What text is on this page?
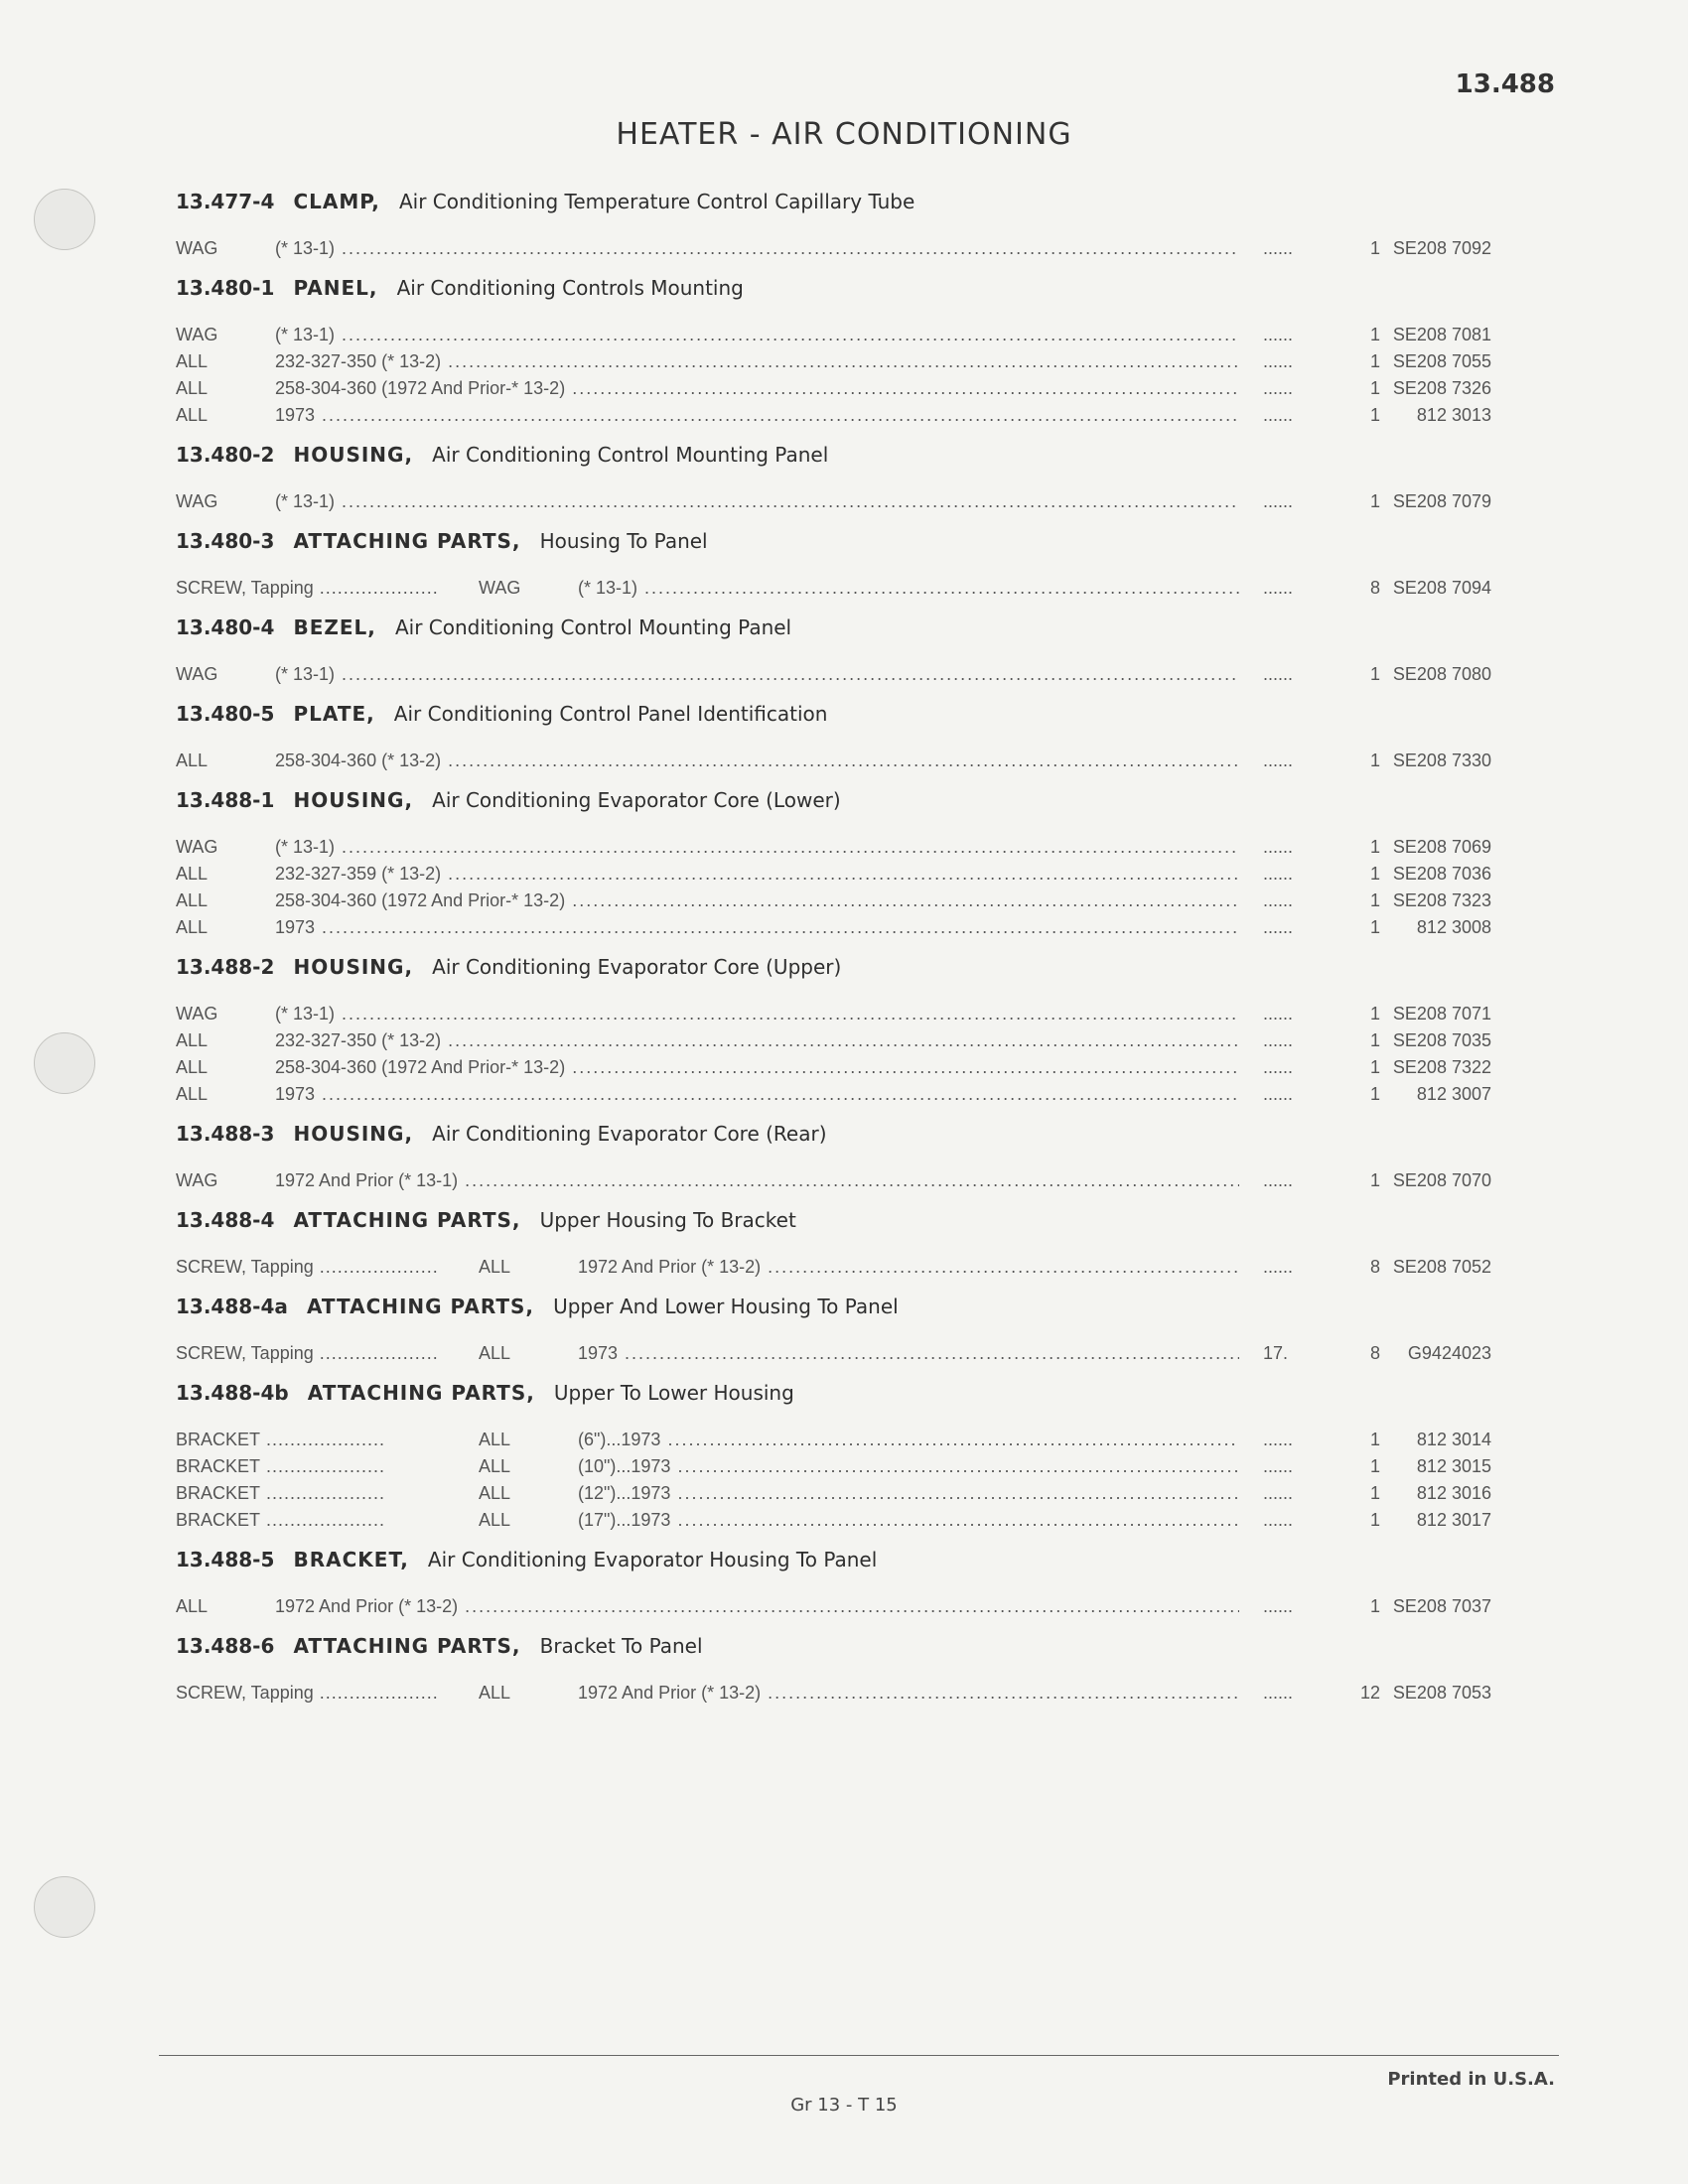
13.488
HEATER - AIR CONDITIONING
13.477-4 CLAMP, Air Conditioning Temperature Control Capillary Tube
WAG	(* 13-1) .....	......	1 SE208 7092
13.480-1 PANEL, Air Conditioning Controls Mounting
WAG	(* 13-1) .....	......	1 SE208 7081
ALL	232-327-350 (* 13-2) .....	......	1 SE208 7055
ALL	258-304-360 (1972 And Prior-* 13-2) .....	......	1 SE208 7326
ALL	1973 .....	......	1	812 3013
13.480-2 HOUSING, Air Conditioning Control Mounting Panel
WAG	(* 13-1) .....	......	1 SE208 7079
13.480-3 ATTACHING PARTS, Housing To Panel
SCREW, Tapping .....	WAG	(* 13-1) .....	......	8 SE208 7094
13.480-4 BEZEL, Air Conditioning Control Mounting Panel
WAG	(* 13-1) .....	......	1 SE208 7080
13.480-5 PLATE, Air Conditioning Control Panel Identification
ALL	258-304-360 (* 13-2) .....	......	1 SE208 7330
13.488-1 HOUSING, Air Conditioning Evaporator Core (Lower)
WAG	(* 13-1) .....	......	1 SE208 7069
ALL	232-327-359 (* 13-2) .....	......	1 SE208 7036
ALL	258-304-360 (1972 And Prior-* 13-2) .....	......	1 SE208 7323
ALL	1973 .....	......	1	812 3008
13.488-2 HOUSING, Air Conditioning Evaporator Core (Upper)
WAG	(* 13-1) .....	......	1 SE208 7071
ALL	232-327-350 (* 13-2) .....	......	1 SE208 7035
ALL	258-304-360 (1972 And Prior-* 13-2) .....	......	1 SE208 7322
ALL	1973 .....	......	1	812 3007
13.488-3 HOUSING, Air Conditioning Evaporator Core (Rear)
WAG	1972 And Prior (* 13-1) .....	......	1 SE208 7070
13.488-4 ATTACHING PARTS, Upper Housing To Bracket
SCREW, Tapping .....	ALL	1972 And Prior (* 13-2) .....	......	8 SE208 7052
13.488-4a ATTACHING PARTS, Upper And Lower Housing To Panel
SCREW, Tapping .....	ALL	1973 .....	17.	8	G9424023
13.488-4b ATTACHING PARTS, Upper To Lower Housing
BRACKET .....	ALL	(6")...1973 .....	......	1	812 3014
BRACKET .....	ALL	(10")...1973 .....	......	1	812 3015
BRACKET .....	ALL	(12")...1973 .....	......	1	812 3016
BRACKET .....	ALL	(17")...1973 .....	......	1	812 3017
13.488-5 BRACKET, Air Conditioning Evaporator Housing To Panel
ALL	1972 And Prior (* 13-2) .....	......	1 SE208 7037
13.488-6 ATTACHING PARTS, Bracket To Panel
SCREW, Tapping .....	ALL	1972 And Prior (* 13-2) .....	......	12 SE208 7053
Printed in U.S.A.
Gr 13 - T 15
